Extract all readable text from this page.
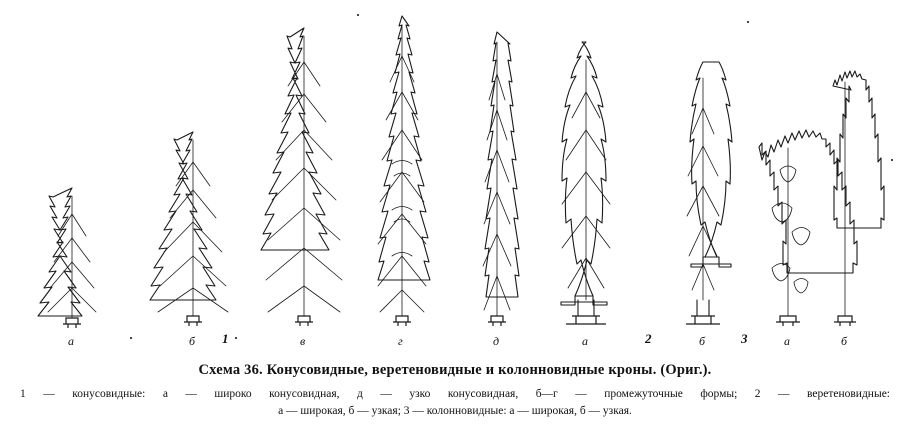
а	б	в	г	д	а	б	а	б
1	2	3

Схема 36. Конусовидные, веретеновидные и колонновидные кроны. (Ориг.).

1 — конусовидные: а — широко конусовидная, д — узко конусовидная, б—г — промежуточные формы; 2 — веретеновидные:
а — широкая, б — узкая; 3 — колонновидные: а — широкая, б — узкая.
